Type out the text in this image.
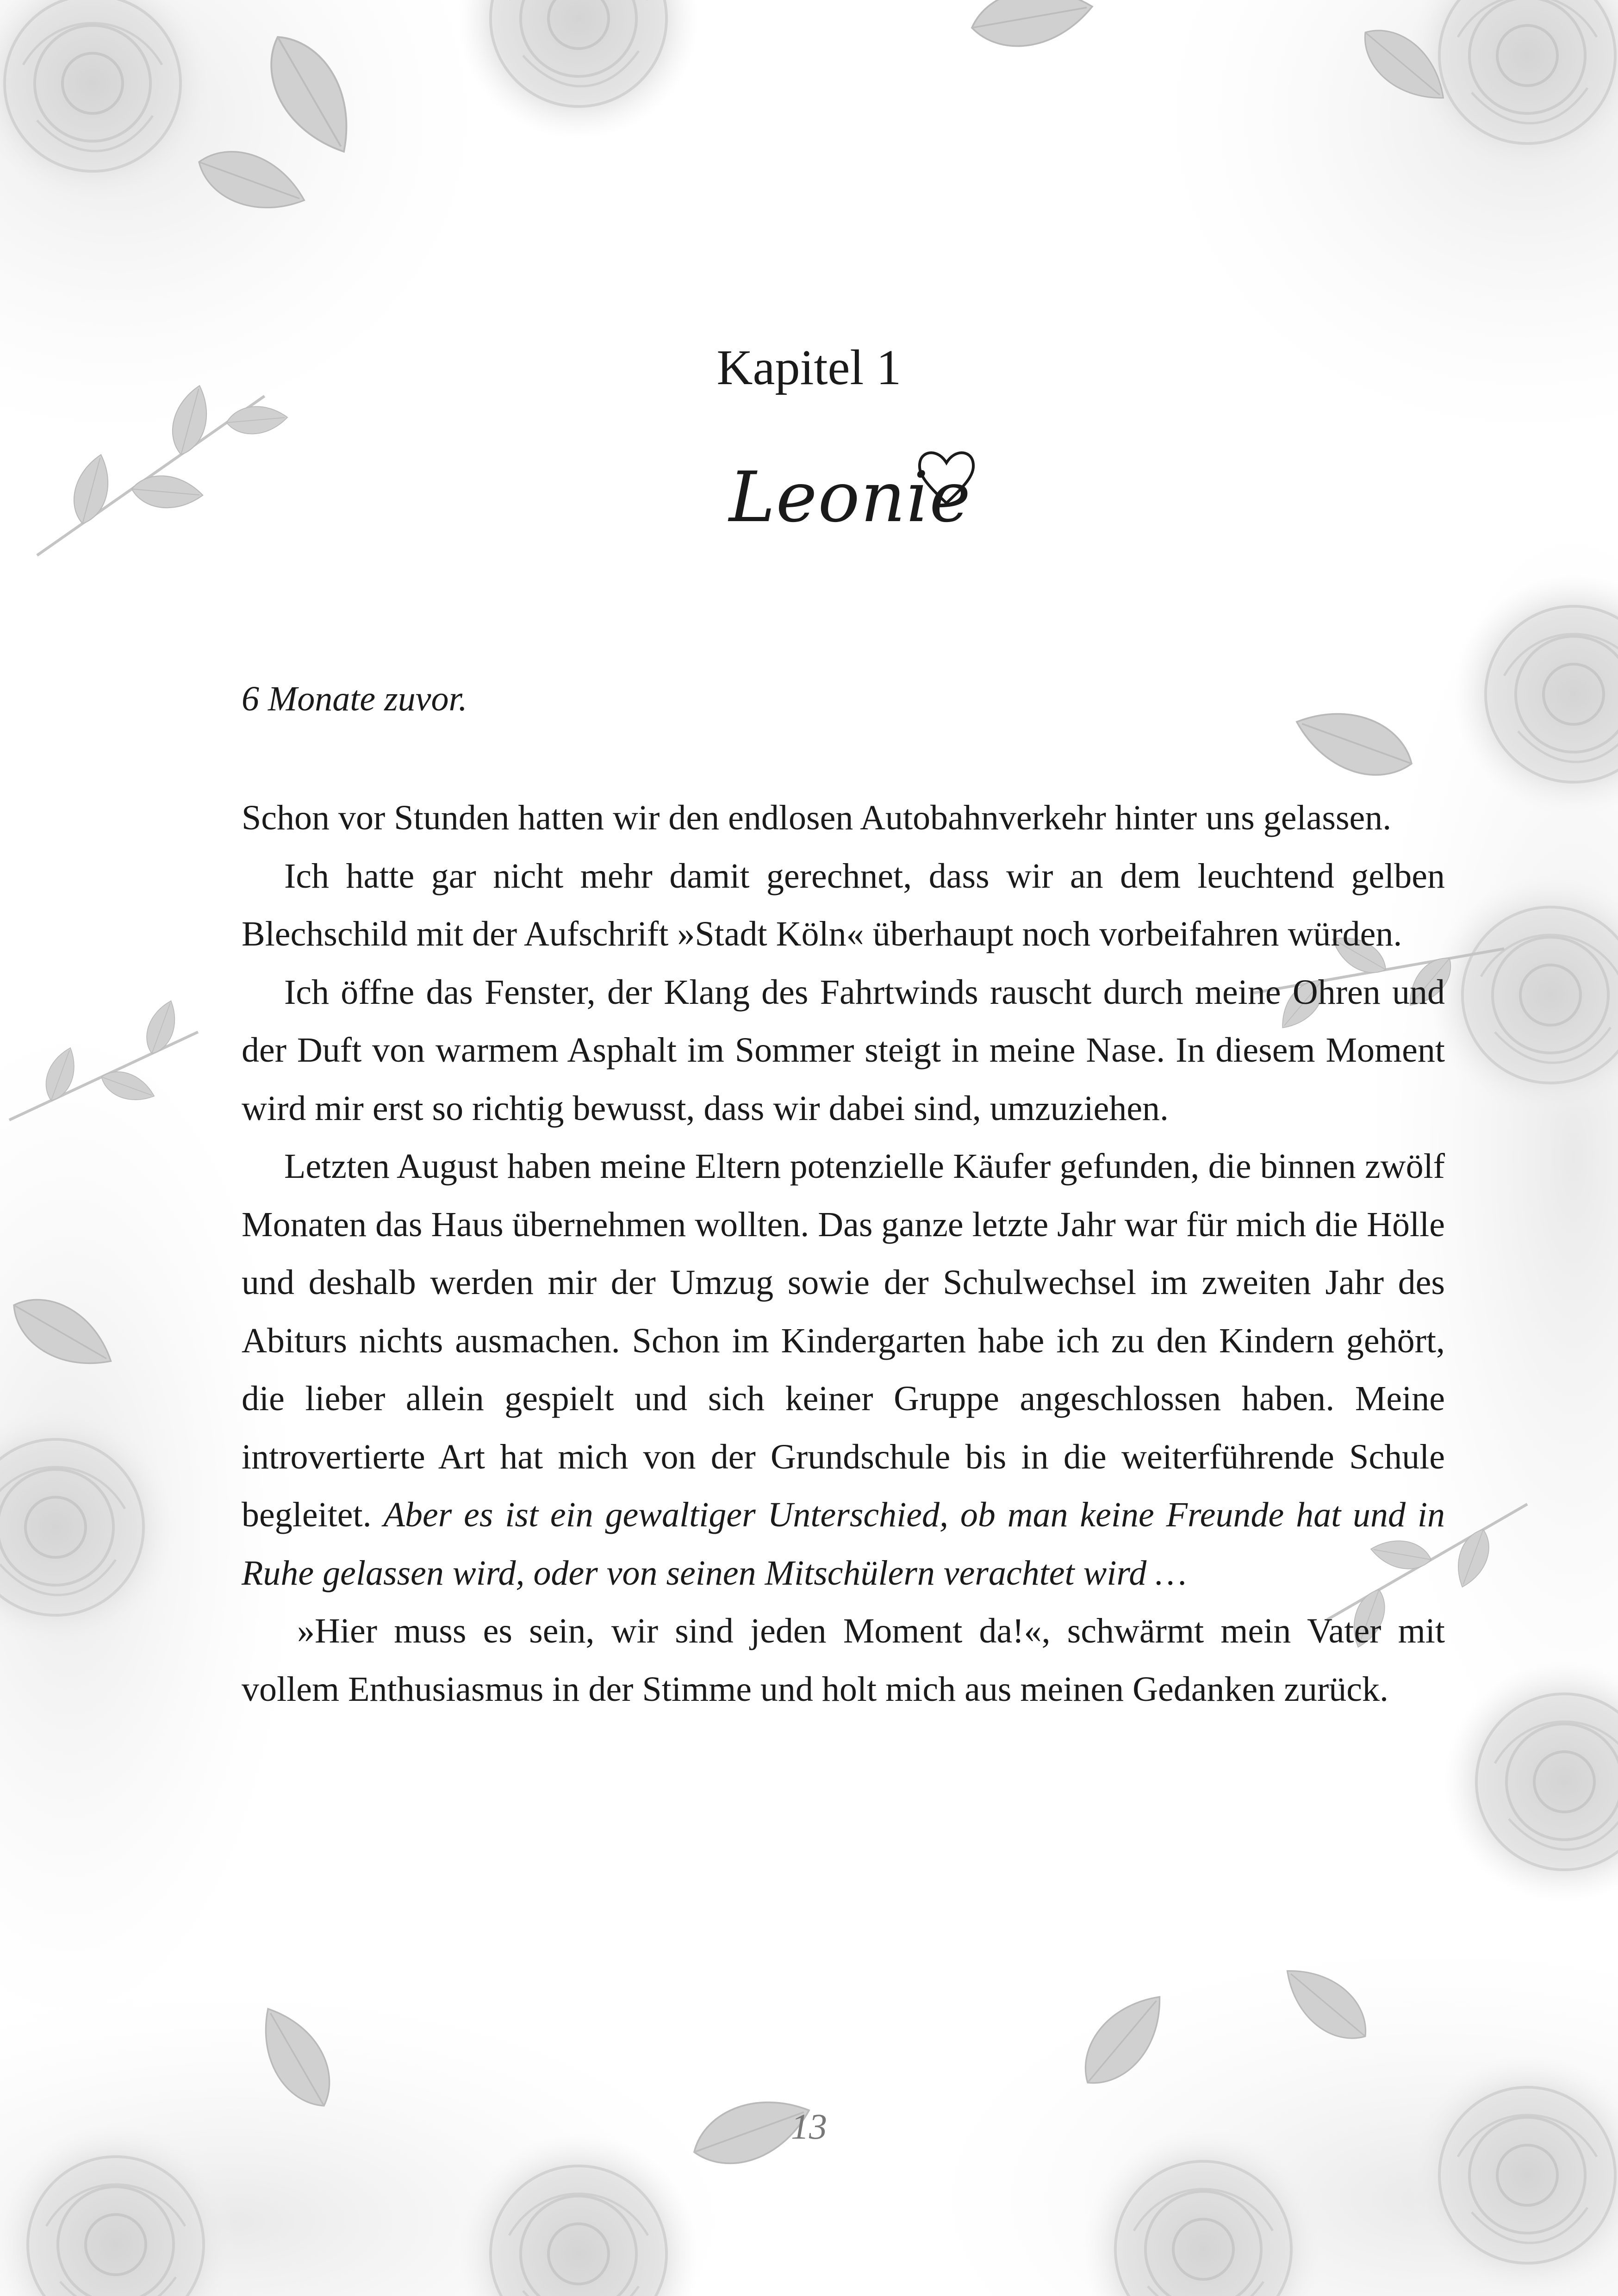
Kapitel 1
Leonie
6 Monate zuvor.

Schon vor Stunden hatten wir den endlosen Autobahnverkehr hinter uns gelassen.

Ich hatte gar nicht mehr damit gerechnet, dass wir an dem leuchtend gelben Blechschild mit der Aufschrift »Stadt Köln« überhaupt noch vorbeifahren würden.

Ich öffne das Fenster, der Klang des Fahrtwinds rauscht durch meine Ohren und der Duft von warmem Asphalt im Sommer steigt in meine Nase. In diesem Moment wird mir erst so richtig bewusst, dass wir dabei sind, umzuziehen.

Letzten August haben meine Eltern potenzielle Käufer gefunden, die binnen zwölf Monaten das Haus übernehmen wollten. Das ganze letzte Jahr war für mich die Hölle und deshalb werden mir der Umzug sowie der Schulwechsel im zweiten Jahr des Abiturs nichts ausmachen. Schon im Kindergarten habe ich zu den Kindern gehört, die lieber allein gespielt und sich keiner Gruppe angeschlossen haben. Meine introvertierte Art hat mich von der Grundschule bis in die weiterführende Schule begleitet. Aber es ist ein gewaltiger Unterschied, ob man keine Freunde hat und in Ruhe gelassen wird, oder von seinen Mitschülern verachtet wird …

»Hier muss es sein, wir sind jeden Moment da!«, schwärmt mein Vater mit vollem Enthusiasmus in der Stimme und holt mich aus meinen Gedanken zurück.

13
